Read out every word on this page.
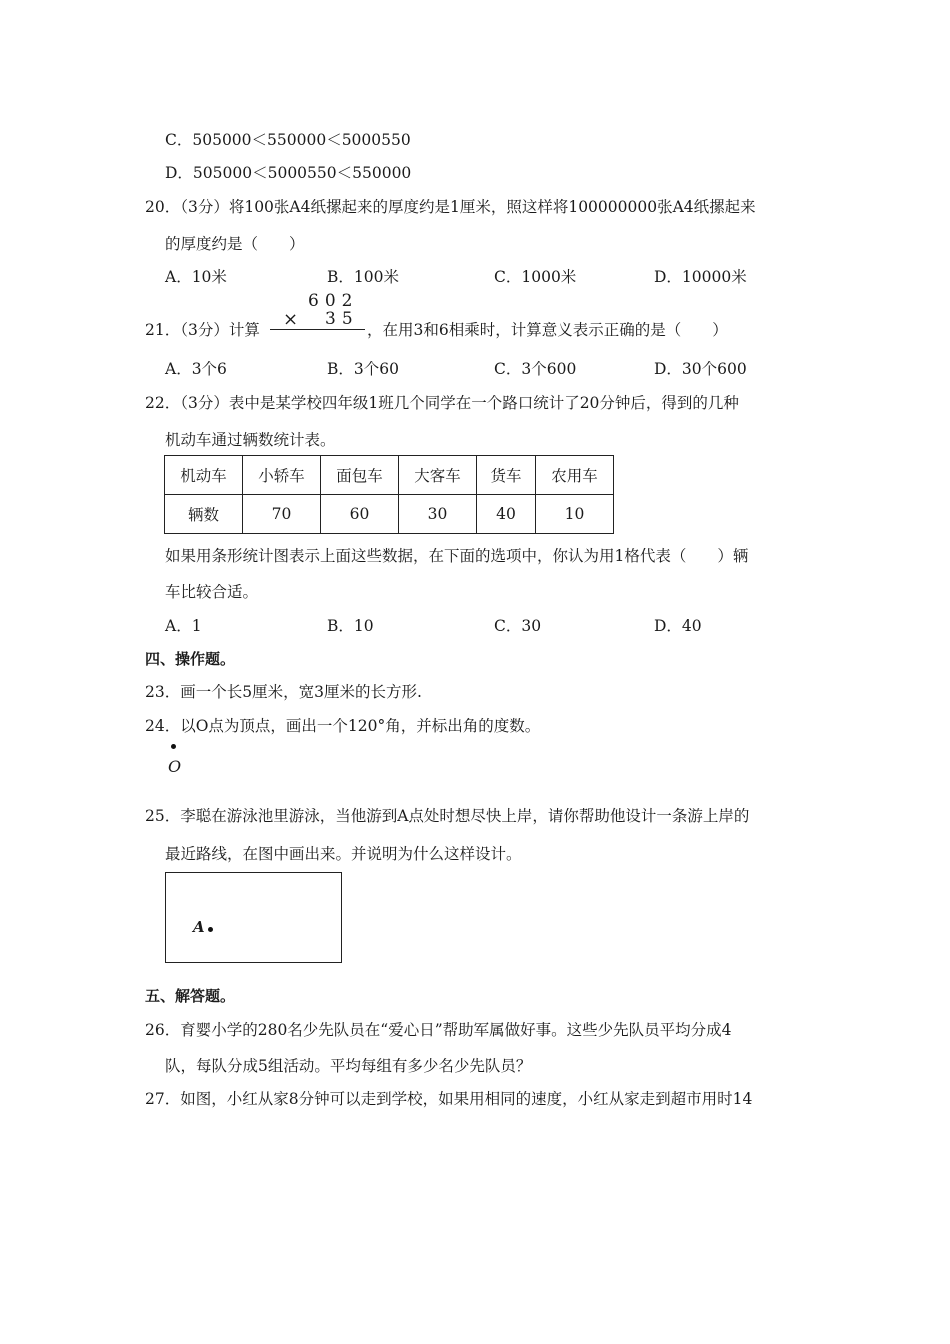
C．505000＜550000＜5000550
D．505000＜5000550＜550000
20．（3分）将100张A4纸摞起来的厚度约是1厘米，照这样将100000000张A4纸摞起来
的厚度约是（　　）
A．10米	B．100米	C．1000米	D．10000米
21．（3分）计算
602
× 35
，在用3和6相乘时，计算意义表示正确的是（　　）
A．3个6	B．3个60	C．3个600	D．30个600
22．（3分）表中是某学校四年级1班几个同学在一个路口统计了20分钟后，得到的几种
机动车通过辆数统计表。
机动车	小轿车	面包车	大客车	货车	农用车
辆数	70	60	30	40	10
如果用条形统计图表示上面这些数据，在下面的选项中，你认为用1格代表（　　）辆
车比较合适。
A．1	B．10	C．30	D．40
四、操作题。
23．画一个长5厘米，宽3厘米的长方形.
24．以O点为顶点，画出一个120°角，并标出角的度数。
O
25．李聪在游泳池里游泳，当他游到A点处时想尽快上岸，请你帮助他设计一条游上岸的
最近路线，在图中画出来。并说明为什么这样设计。
A
五、解答题。
26．育婴小学的280名少先队员在“爱心日”帮助军属做好事。这些少先队员平均分成4
队，每队分成5组活动。平均每组有多少名少先队员？
27．如图，小红从家8分钟可以走到学校，如果用相同的速度，小红从家走到超市用时14
